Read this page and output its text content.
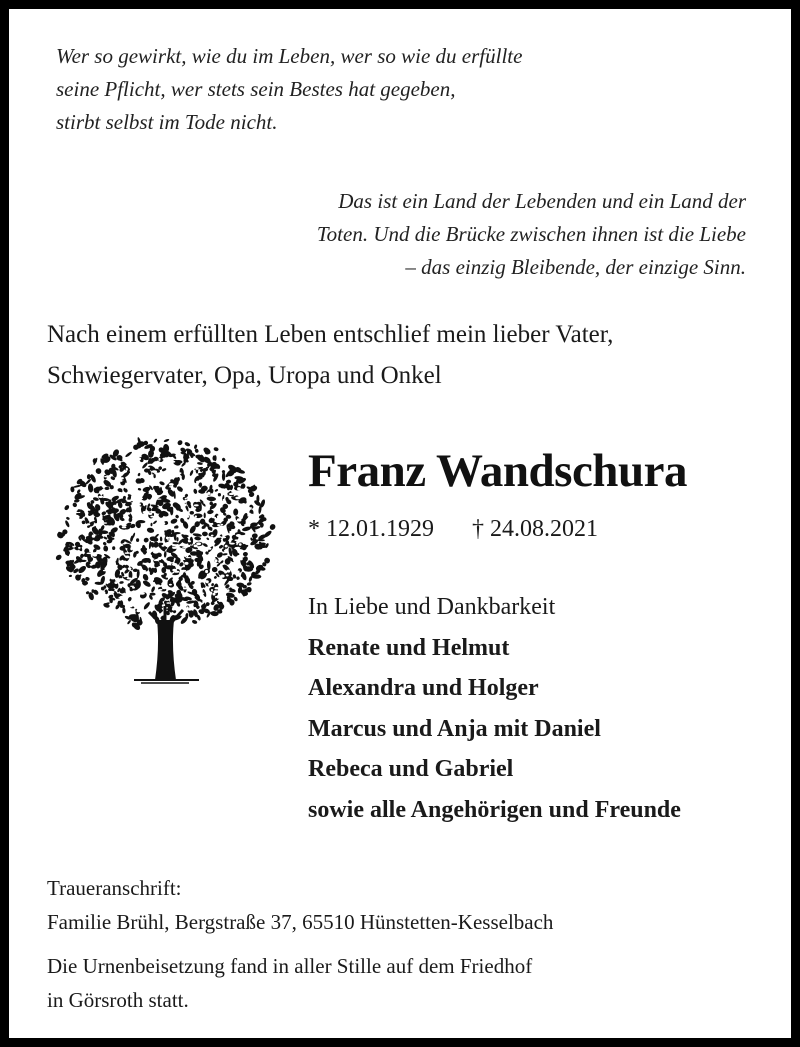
Wer so gewirkt, wie du im Leben, wer so wie du erfüllte
seine Pflicht, wer stets sein Bestes hat gegeben,
stirbt selbst im Tode nicht.
Das ist ein Land der Lebenden und ein Land der
Toten. Und die Brücke zwischen ihnen ist die Liebe
– das einzig Bleibende, der einzige Sinn.
Nach einem erfüllten Leben entschlief mein lieber Vater,
Schwiegervater, Opa, Uropa und Onkel
Franz Wandschura
* 12.01.1929 † 24.08.2021
In Liebe und Dankbarkeit
Renate und Helmut
Alexandra und Holger
Marcus und Anja mit Daniel
Rebeca und Gabriel
sowie alle Angehörigen und Freunde
Traueranschrift:
Familie Brühl, Bergstraße 37, 65510 Hünstetten-Kesselbach
Die Urnenbeisetzung fand in aller Stille auf dem Friedhof
in Görsroth statt.
